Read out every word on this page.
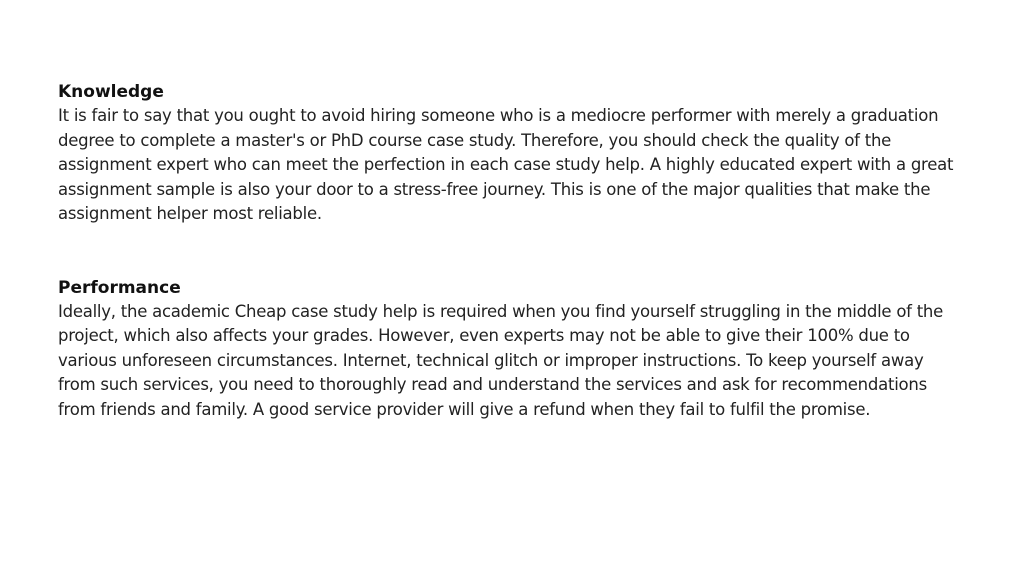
Knowledge

It is fair to say that you ought to avoid hiring someone who is a mediocre performer with merely a graduation degree to complete a master's or PhD course case study. Therefore, you should check the quality of the assignment expert who can meet the perfection in each case study help. A highly educated expert with a great assignment sample is also your door to a stress-free journey. This is one of the major qualities that make the assignment helper most reliable.

Performance

Ideally, the academic Cheap case study help is required when you find yourself struggling in the middle of the project, which also affects your grades. However, even experts may not be able to give their 100% due to various unforeseen circumstances. Internet, technical glitch or improper instructions. To keep yourself away from such services, you need to thoroughly read and understand the services and ask for recommendations from friends and family. A good service provider will give a refund when they fail to fulfil the promise.
